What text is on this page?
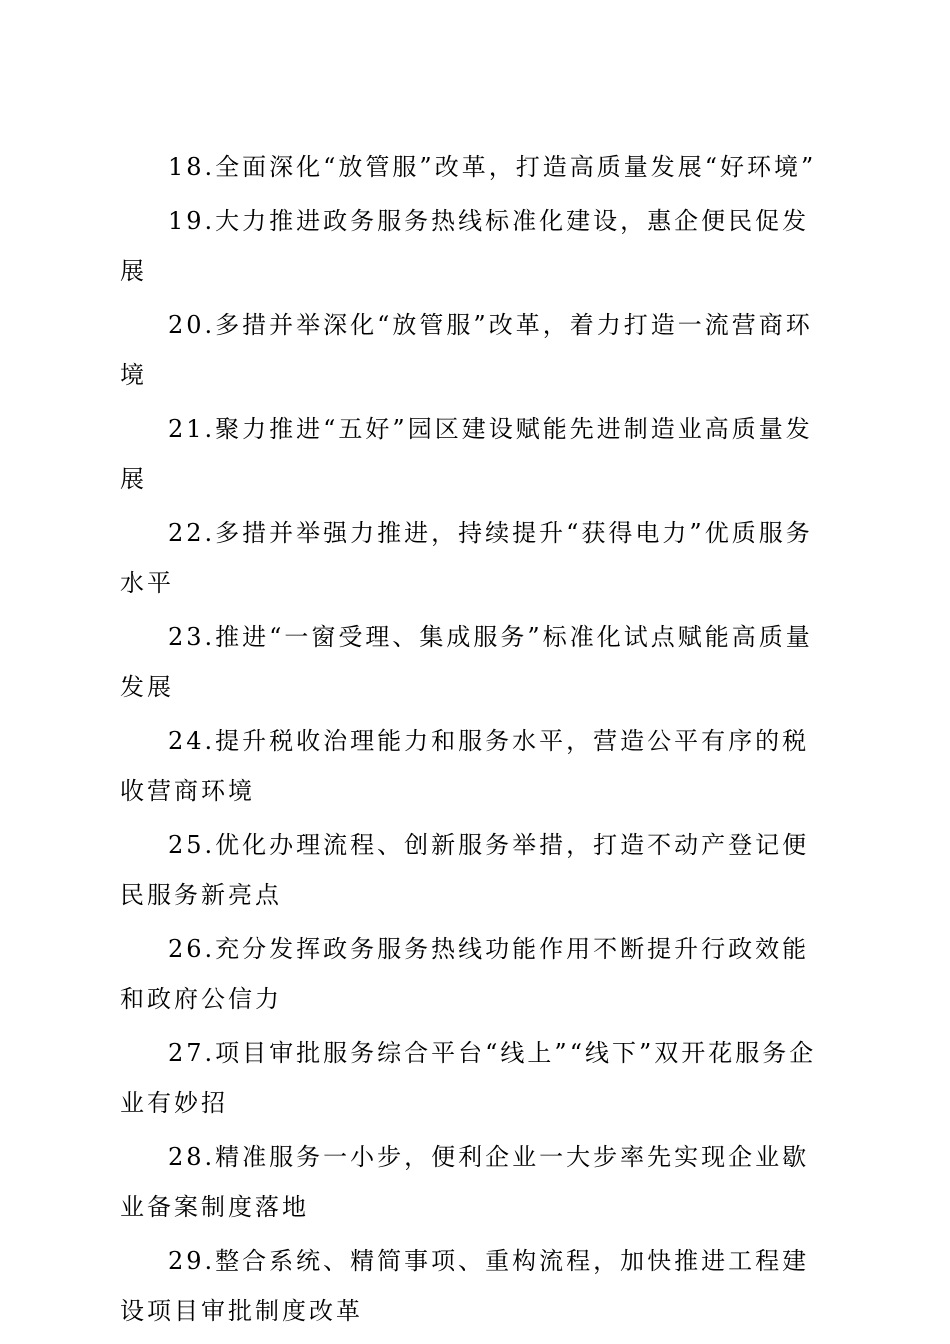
18.全面深化“放管服”改革，打造高质量发展“好环境”

19.大力推进政务服务热线标准化建设，惠企便民促发展

20.多措并举深化“放管服”改革，着力打造一流营商环境

21.聚力推进“五好”园区建设赋能先进制造业高质量发展

22.多措并举强力推进，持续提升“获得电力”优质服务水平

23.推进“一窗受理、集成服务”标准化试点赋能高质量发展

24.提升税收治理能力和服务水平，营造公平有序的税收营商环境

25.优化办理流程、创新服务举措，打造不动产登记便民服务新亮点

26.充分发挥政务服务热线功能作用不断提升行政效能和政府公信力

27.项目审批服务综合平台“线上”“线下”双开花服务企业有妙招

28.精准服务一小步，便利企业一大步率先实现企业歇业备案制度落地

29.整合系统、精简事项、重构流程，加快推进工程建设项目审批制度改革
